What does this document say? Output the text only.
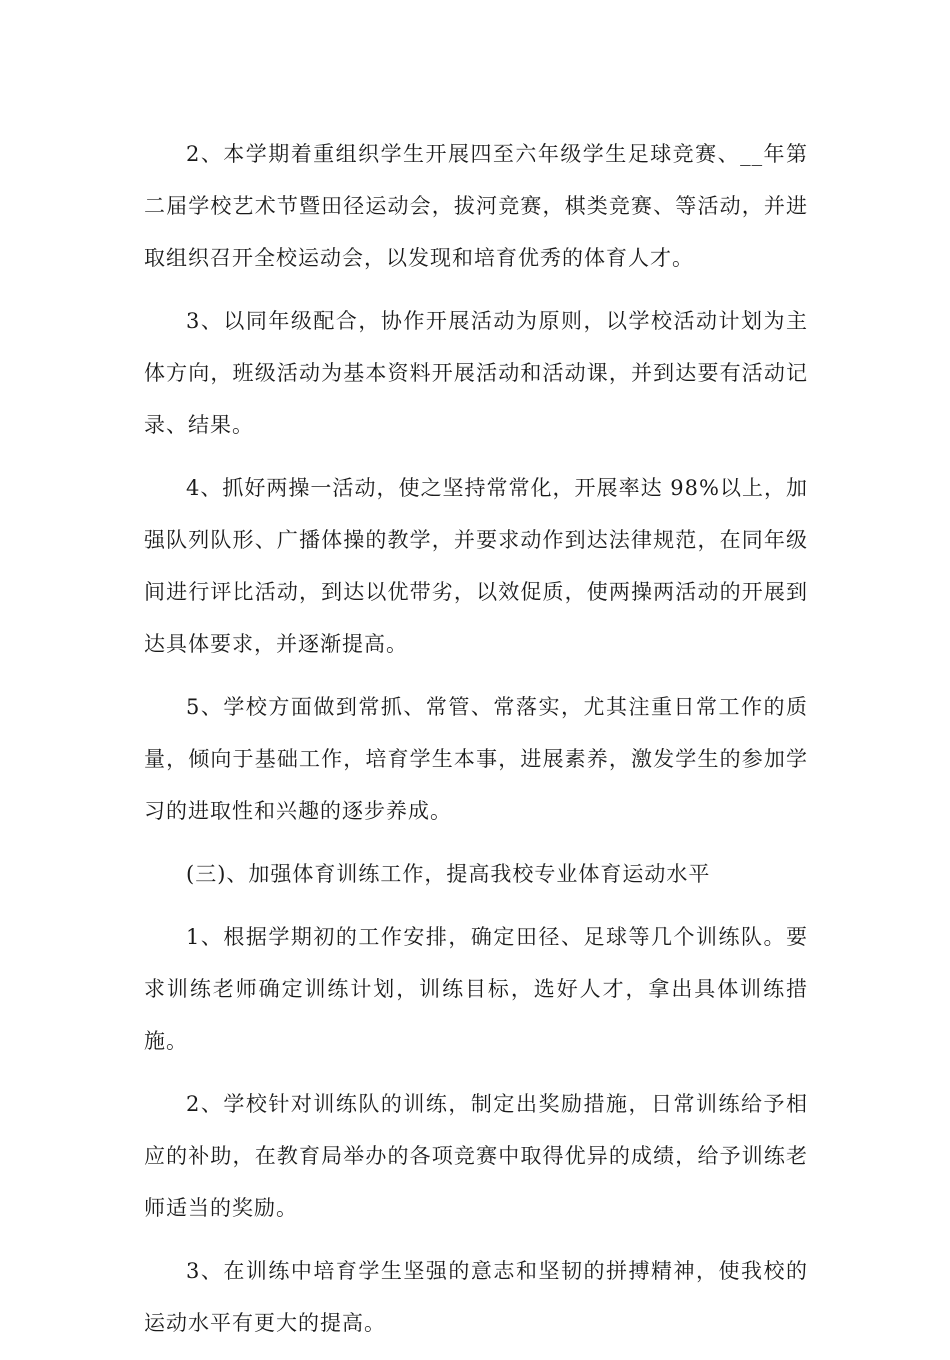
2、本学期着重组织学生开展四至六年级学生足球竞赛、__年第二届学校艺术节暨田径运动会，拔河竞赛，棋类竞赛、等活动，并进取组织召开全校运动会，以发现和培育优秀的体育人才。

3、以同年级配合，协作开展活动为原则，以学校活动计划为主体方向，班级活动为基本资料开展活动和活动课，并到达要有活动记录、结果。

4、抓好两操一活动，使之坚持常常化，开展率达 98%以上，加强队列队形、广播体操的教学，并要求动作到达法律规范，在同年级间进行评比活动，到达以优带劣，以效促质，使两操两活动的开展到达具体要求，并逐渐提高。

5、学校方面做到常抓、常管、常落实，尤其注重日常工作的质量，倾向于基础工作，培育学生本事，进展素养，激发学生的参加学习的进取性和兴趣的逐步养成。

(三)、加强体育训练工作，提高我校专业体育运动水平

1、根据学期初的工作安排，确定田径、足球等几个训练队。要求训练老师确定训练计划，训练目标，选好人才，拿出具体训练措施。

2、学校针对训练队的训练，制定出奖励措施，日常训练给予相应的补助，在教育局举办的各项竞赛中取得优异的成绩，给予训练老师适当的奖励。

3、在训练中培育学生坚强的意志和坚韧的拼搏精神，使我校的运动水平有更大的提高。
